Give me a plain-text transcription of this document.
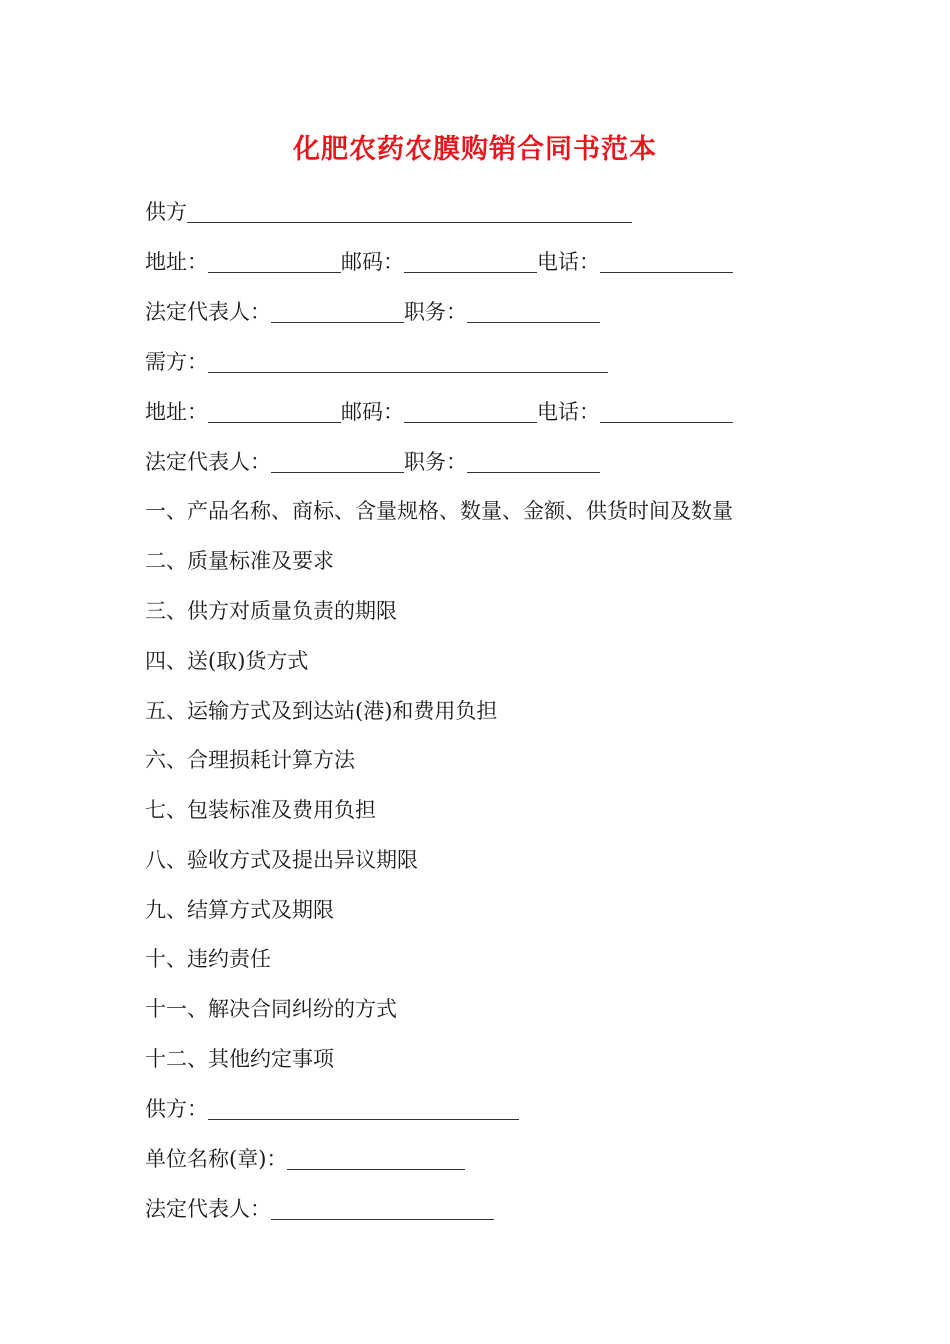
化肥农药农膜购销合同书范本
供方
地址：	邮码：	电话：
法定代表人：	职务：
需方：
地址：	邮码：	电话：
法定代表人：	职务：
一、产品名称、商标、含量规格、数量、金额、供货时间及数量
二、质量标准及要求
三、供方对质量负责的期限
四、送(取)货方式
五、运输方式及到达站(港)和费用负担
六、合理损耗计算方法
七、包装标准及费用负担
八、验收方式及提出异议期限
九、结算方式及期限
十、违约责任
十一、解决合同纠纷的方式
十二、其他约定事项
供方：
单位名称(章)：
法定代表人：
